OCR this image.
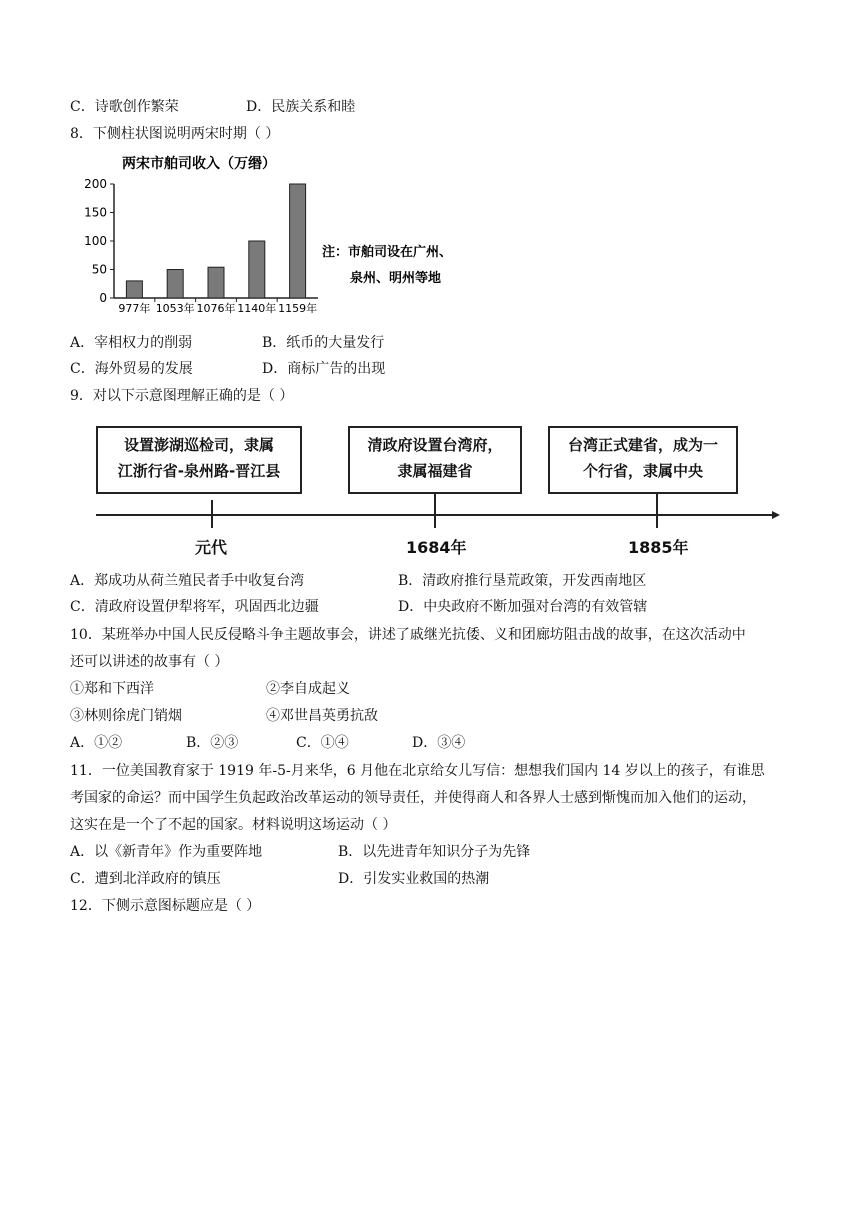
C．诗歌创作繁荣	D．民族关系和睦
8．下侧柱状图说明两宋时期（ ）
两宋市舶司收入（万缗）
0
50
100
150
200
977年 1053年 1076年 1140年 1159年
注：市舶司设在广州、
泉州、明州等地
A．宰相权力的削弱	B．纸币的大量发行
C．海外贸易的发展	D．商标广告的出现
9．对以下示意图理解正确的是（ ）
设置澎湖巡检司，隶属
江浙行省-泉州路-晋江县
清政府设置台湾府，
隶属福建省
台湾正式建省，成为一
个行省，隶属中央
元代	1684年	1885年
A．郑成功从荷兰殖民者手中收复台湾	B．清政府推行垦荒政策，开发西南地区
C．清政府设置伊犁将军，巩固西北边疆	D．中央政府不断加强对台湾的有效管辖
10．某班举办中国人民反侵略斗争主题故事会，讲述了戚继光抗倭、义和团廊坊阻击战的故事，在这次活动中
还可以讲述的故事有（ ）
①郑和下西洋	②李自成起义
③林则徐虎门销烟	④邓世昌英勇抗敌
A．①②	B．②③	C．①④	D．③④
11．一位美国教育家于 1919 年-5-月来华，6 月他在北京给女儿写信：想想我们国内 14 岁以上的孩子，有谁思
考国家的命运？而中国学生负起政治改革运动的领导责任，并使得商人和各界人士感到惭愧而加入他们的运动，
这实在是一个了不起的国家。材料说明这场运动（ ）
A．以《新青年》作为重要阵地	B．以先进青年知识分子为先锋
C．遭到北洋政府的镇压	D．引发实业救国的热潮
12．下侧示意图标题应是（ ）
